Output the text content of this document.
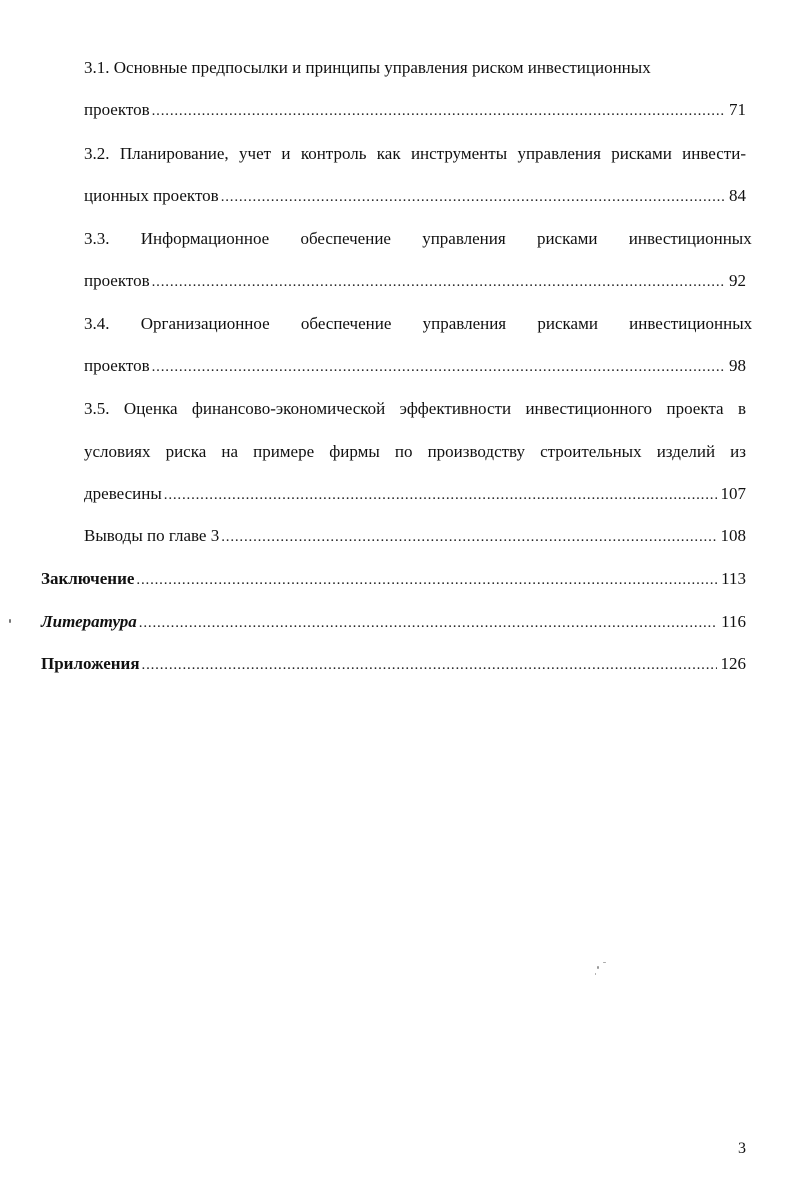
3.1. Основные предпосылки и принципы управления риском инвестиционных
проектов .....	71
3.2. Планирование, учет и контроль как инструменты управления рисками инвести-
ционных проектов .....	84
3.3. Информационное обеспечение управления рисками инвестиционных
проектов .....	92
3.4. Организационное обеспечение управления рисками инвестиционных
проектов .....	98
3.5. Оценка финансово-экономической эффективности инвестиционного проекта в
условиях риска на примере фирмы по производству строительных изделий из
древесины .....	107
Выводы по главе 3 .....	108
Заключение .....	113
Литература .....	116
Приложения .....	126
3
